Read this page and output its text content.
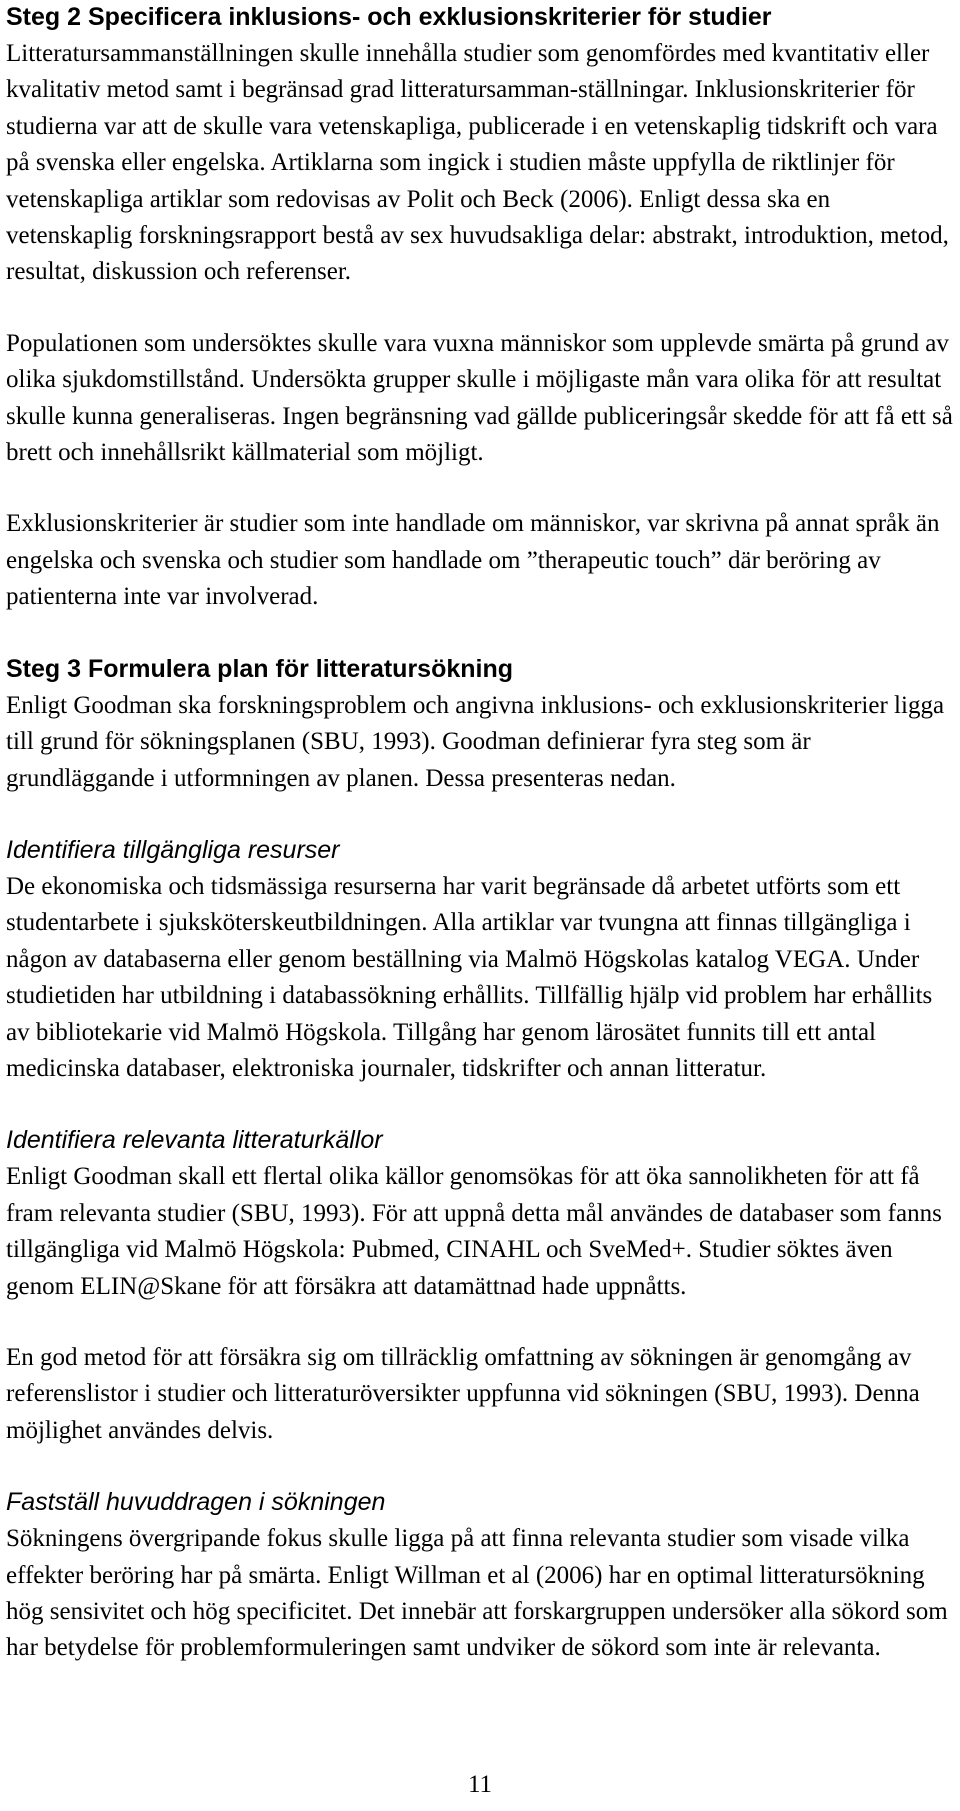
Steg 2 Specificera inklusions- och exklusionskriterier för studier

Litteratursammanställningen skulle innehålla studier som genomfördes med kvantitativ eller kvalitativ metod samt i begränsad grad litteratursamman-ställningar. Inklusionskriterier för studierna var att de skulle vara vetenskapliga, publicerade i en vetenskaplig tidskrift och vara på svenska eller engelska. Artiklarna som ingick i studien måste uppfylla de riktlinjer för vetenskapliga artiklar som redovisas av Polit och Beck (2006). Enligt dessa ska en vetenskaplig forskningsrapport bestå av sex huvudsakliga delar: abstrakt, introduktion, metod, resultat, diskussion och referenser.

Populationen som undersöktes skulle vara vuxna människor som upplevde smärta på grund av olika sjukdomstillstånd. Undersökta grupper skulle i möjligaste mån vara olika för att resultat skulle kunna generaliseras. Ingen begränsning vad gällde publiceringsår skedde för att få ett så brett och innehållsrikt källmaterial som möjligt.

Exklusionskriterier är studier som inte handlade om människor, var skrivna på annat språk än engelska och svenska och studier som handlade om ”therapeutic touch” där beröring av patienterna inte var involverad.

Steg 3 Formulera plan för litteratursökning

Enligt Goodman ska forskningsproblem och angivna inklusions- och exklusionskriterier ligga till grund för sökningsplanen (SBU, 1993). Goodman definierar fyra steg som är grundläggande i utformningen av planen. Dessa presenteras nedan.

Identifiera tillgängliga resurser

De ekonomiska och tidsmässiga resurserna har varit begränsade då arbetet utförts som ett studentarbete i sjuksköterskeutbildningen. Alla artiklar var tvungna att finnas tillgängliga i någon av databaserna eller genom beställning via Malmö Högskolas katalog VEGA. Under studietiden har utbildning i databassökning erhållits. Tillfällig hjälp vid problem har erhållits av bibliotekarie vid Malmö Högskola. Tillgång har genom lärosätet funnits till ett antal medicinska databaser, elektroniska journaler, tidskrifter och annan litteratur.

Identifiera relevanta litteraturkällor

Enligt Goodman skall ett flertal olika källor genomsökas för att öka sannolikheten för att få fram relevanta studier (SBU, 1993). För att uppnå detta mål användes de databaser som fanns tillgängliga vid Malmö Högskola: Pubmed, CINAHL och SveMed+. Studier söktes även genom ELIN@Skane för att försäkra att datamättnad hade uppnåtts.

En god metod för att försäkra sig om tillräcklig omfattning av sökningen är genomgång av referenslistor i studier och litteraturöversikter uppfunna vid sökningen (SBU, 1993). Denna möjlighet användes delvis.

Fastställ huvuddragen i sökningen

Sökningens övergripande fokus skulle ligga på att finna relevanta studier som visade vilka effekter beröring har på smärta. Enligt Willman et al (2006) har en optimal litteratursökning hög sensivitet och hög specificitet. Det innebär att forskargruppen undersöker alla sökord som har betydelse för problemformuleringen samt undviker de sökord som inte är relevanta.

11
